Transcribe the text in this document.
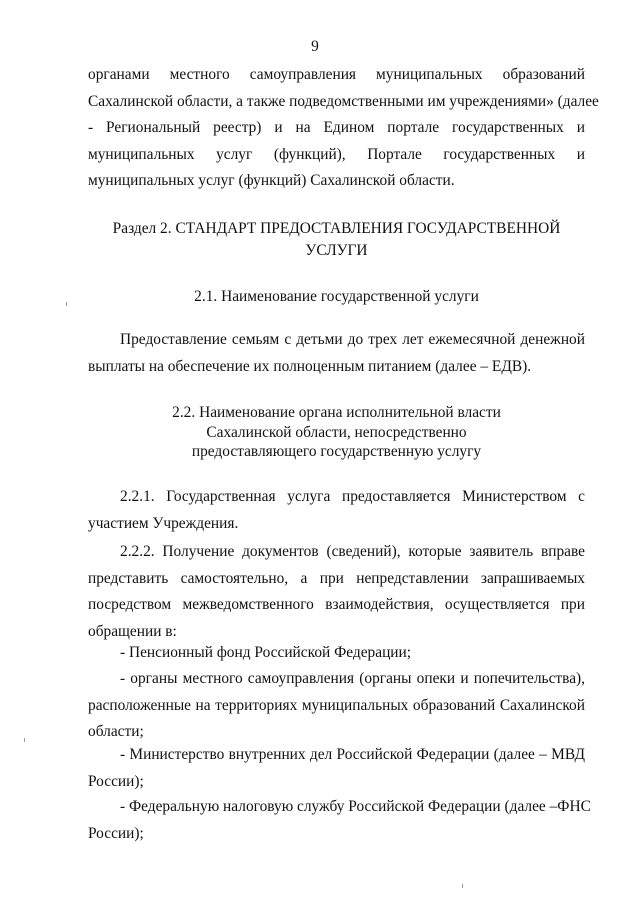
9
органами местного самоуправления муниципальных образований
Сахалинской области, а также подведомственными им учреждениями» (далее
- Региональный реестр) и на Едином портале государственных и
муниципальных услуг (функций), Портале государственных и
муниципальных услуг (функций) Сахалинской области.
Раздел 2. СТАНДАРТ ПРЕДОСТАВЛЕНИЯ ГОСУДАРСТВЕННОЙ
УСЛУГИ
2.1. Наименование государственной услуги
Предоставление семьям с детьми до трех лет ежемесячной денежной
выплаты на обеспечение их полноценным питанием (далее – ЕДВ).
2.2. Наименование органа исполнительной власти
Сахалинской области, непосредственно
предоставляющего государственную услугу
2.2.1. Государственная услуга предоставляется Министерством с
участием Учреждения.
2.2.2. Получение документов (сведений), которые заявитель вправе
представить самостоятельно, а при непредставлении запрашиваемых
посредством межведомственного взаимодействия, осуществляется при
обращении в:
- Пенсионный фонд Российской Федерации;
- органы местного самоуправления (органы опеки и попечительства),
расположенные на территориях муниципальных образований Сахалинской
области;
- Министерство внутренних дел Российской Федерации (далее – МВД
России);
- Федеральную налоговую службу Российской Федерации (далее –ФНС
России);
